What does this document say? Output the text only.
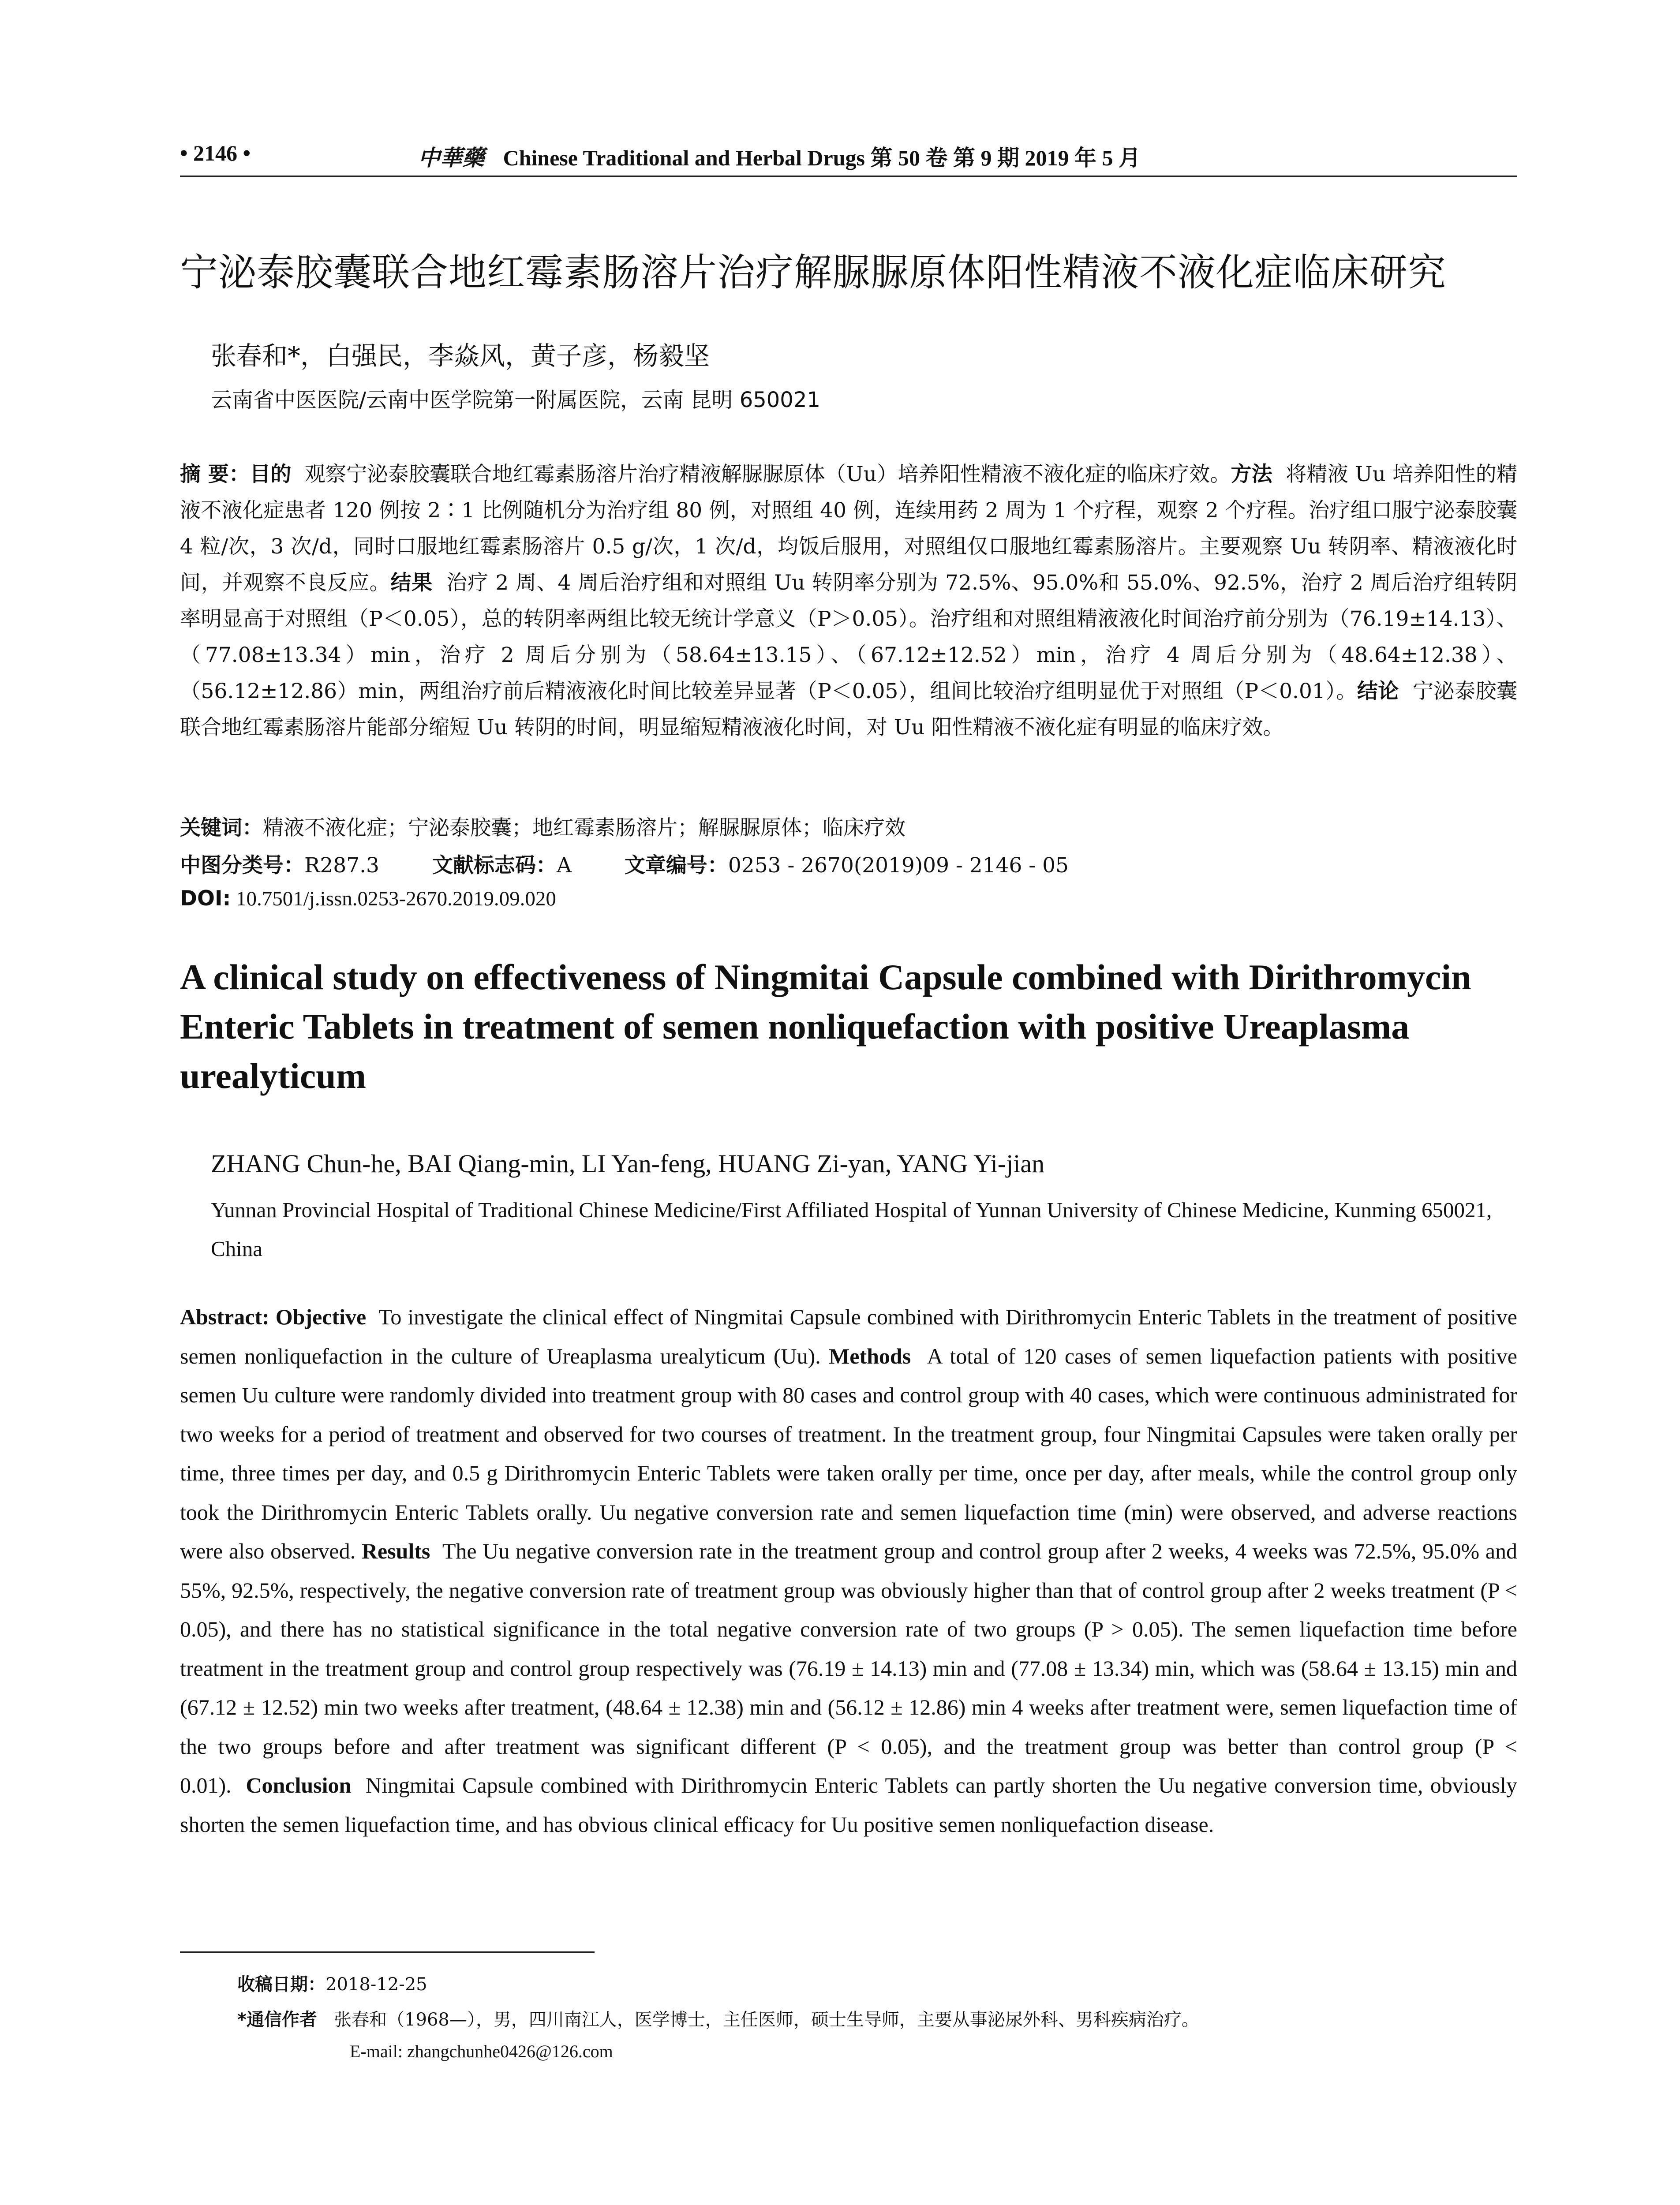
• 2146 •	中華藥 Chinese Traditional and Herbal Drugs 第 50 卷 第 9 期 2019 年 5 月
宁泌泰胶囊联合地红霉素肠溶片治疗解脲脲原体阳性精液不液化症临床研究
张春和*，白强民，李焱风，黄子彦，杨毅坚
云南省中医医院/云南中医学院第一附属医院，云南 昆明 650021
摘 要：目的 观察宁泌泰胶囊联合地红霉素肠溶片治疗精液解脲脲原体（Uu）培养阳性精液不液化症的临床疗效。方法 将精液 Uu 培养阳性的精液不液化症患者 120 例按 2∶1 比例随机分为治疗组 80 例，对照组 40 例，连续用药 2 周为 1 个疗程，观察 2 个疗程。治疗组口服宁泌泰胶囊 4 粒/次，3 次/d，同时口服地红霉素肠溶片 0.5 g/次，1 次/d，均饭后服用，对照组仅口服地红霉素肠溶片。主要观察 Uu 转阴率、精液液化时间，并观察不良反应。结果 治疗 2 周、4 周后治疗组和对照组 Uu 转阴率分别为 72.5%、95.0%和 55.0%、92.5%，治疗 2 周后治疗组转阴率明显高于对照组（P＜0.05），总的转阴率两组比较无统计学意义（P＞0.05）。治疗组和对照组精液液化时间治疗前分别为（76.19±14.13）、（77.08±13.34）min，治疗 2 周后分别为（58.64±13.15）、（67.12±12.52）min，治疗 4 周后分别为（48.64±12.38）、（56.12±12.86）min，两组治疗前后精液液化时间比较差异显著（P＜0.05），组间比较治疗组明显优于对照组（P＜0.01）。结论 宁泌泰胶囊联合地红霉素肠溶片能部分缩短 Uu 转阴的时间，明显缩短精液液化时间，对 Uu 阳性精液不液化症有明显的临床疗效。
关键词：精液不液化症；宁泌泰胶囊；地红霉素肠溶片；解脲脲原体；临床疗效
中图分类号：R287.3	文献标志码：A	文章编号：0253 - 2670(2019)09 - 2146 - 05
DOI: 10.7501/j.issn.0253-2670.2019.09.020
A clinical study on effectiveness of Ningmitai Capsule combined with Dirithromycin Enteric Tablets in treatment of semen nonliquefaction with positive Ureaplasma urealyticum
ZHANG Chun-he, BAI Qiang-min, LI Yan-feng, HUANG Zi-yan, YANG Yi-jian
Yunnan Provincial Hospital of Traditional Chinese Medicine/First Affiliated Hospital of Yunnan University of Chinese Medicine, Kunming 650021, China
Abstract: Objective To investigate the clinical effect of Ningmitai Capsule combined with Dirithromycin Enteric Tablets in the treatment of positive semen nonliquefaction in the culture of Ureaplasma urealyticum (Uu). Methods A total of 120 cases of semen liquefaction patients with positive semen Uu culture were randomly divided into treatment group with 80 cases and control group with 40 cases, which were continuous administrated for two weeks for a period of treatment and observed for two courses of treatment. In the treatment group, four Ningmitai Capsules were taken orally per time, three times per day, and 0.5 g Dirithromycin Enteric Tablets were taken orally per time, once per day, after meals, while the control group only took the Dirithromycin Enteric Tablets orally. Uu negative conversion rate and semen liquefaction time (min) were observed, and adverse reactions were also observed. Results The Uu negative conversion rate in the treatment group and control group after 2 weeks, 4 weeks was 72.5%, 95.0% and 55%, 92.5%, respectively, the negative conversion rate of treatment group was obviously higher than that of control group after 2 weeks treatment (P < 0.05), and there has no statistical significance in the total negative conversion rate of two groups (P > 0.05). The semen liquefaction time before treatment in the treatment group and control group respectively was (76.19 ± 14.13) min and (77.08 ± 13.34) min, which was (58.64 ± 13.15) min and (67.12 ± 12.52) min two weeks after treatment, (48.64 ± 12.38) min and (56.12 ± 12.86) min 4 weeks after treatment were, semen liquefaction time of the two groups before and after treatment was significant different (P < 0.05), and the treatment group was better than control group (P < 0.01). Conclusion Ningmitai Capsule combined with Dirithromycin Enteric Tablets can partly shorten the Uu negative conversion time, obviously shorten the semen liquefaction time, and has obvious clinical efficacy for Uu positive semen nonliquefaction disease.
收稿日期：2018-12-25
*通信作者 张春和（1968—），男，四川南江人，医学博士，主任医师，硕士生导师，主要从事泌尿外科、男科疾病治疗。
E-mail: zhangchunhe0426@126.com
